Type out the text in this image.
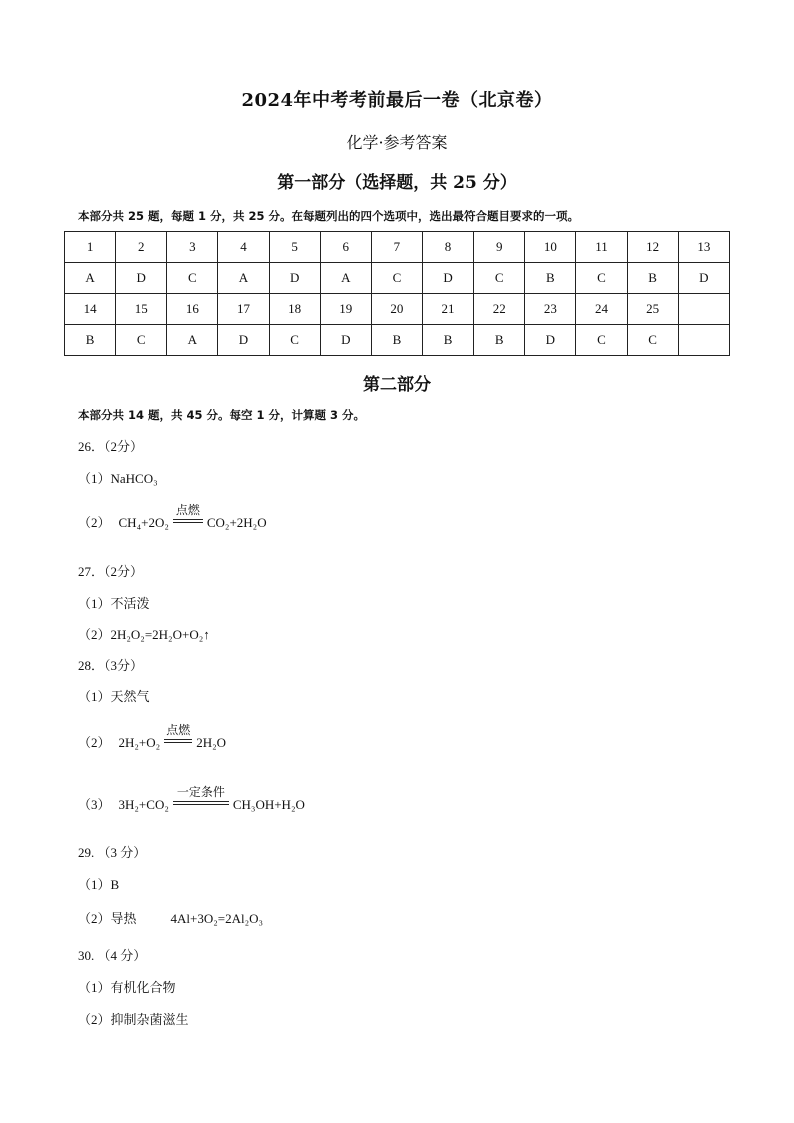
2024年中考考前最后一卷（北京卷）
化学·参考答案
第一部分（选择题，共 25 分）
本部分共 25 题，每题 1 分，共 25 分。在每题列出的四个选项中，选出最符合题目要求的一项。
1	2	3	4	5	6	7	8	9	10	11	12	13
A	D	C	A	D	A	C	D	C	B	C	B	D
14	15	16	17	18	19	20	21	22	23	24	25	
B	C	A	D	C	D	B	B	B	D	C	C	
第二部分
本部分共 14 题，共 45 分。每空 1 分，计算题 3 分。
26．（2分）
（1）NaHCO₃
（2） CH₄+2O₂
点燃
CO₂+2H₂O
27．（2分）
（1）不活泼
（2）2H₂O₂=2H₂O+O₂↑
28．（3分）
（1）天然气
（2） 2H₂+O₂
点燃
2H₂O
（3） 3H₂+CO₂
一定条件
CH₃OH+H₂O
29. （3 分）
（1）B
（2）导热	4Al+3O₂=2Al₂O₃
30. （4 分）
（1）有机化合物
（2）抑制杂菌滋生
